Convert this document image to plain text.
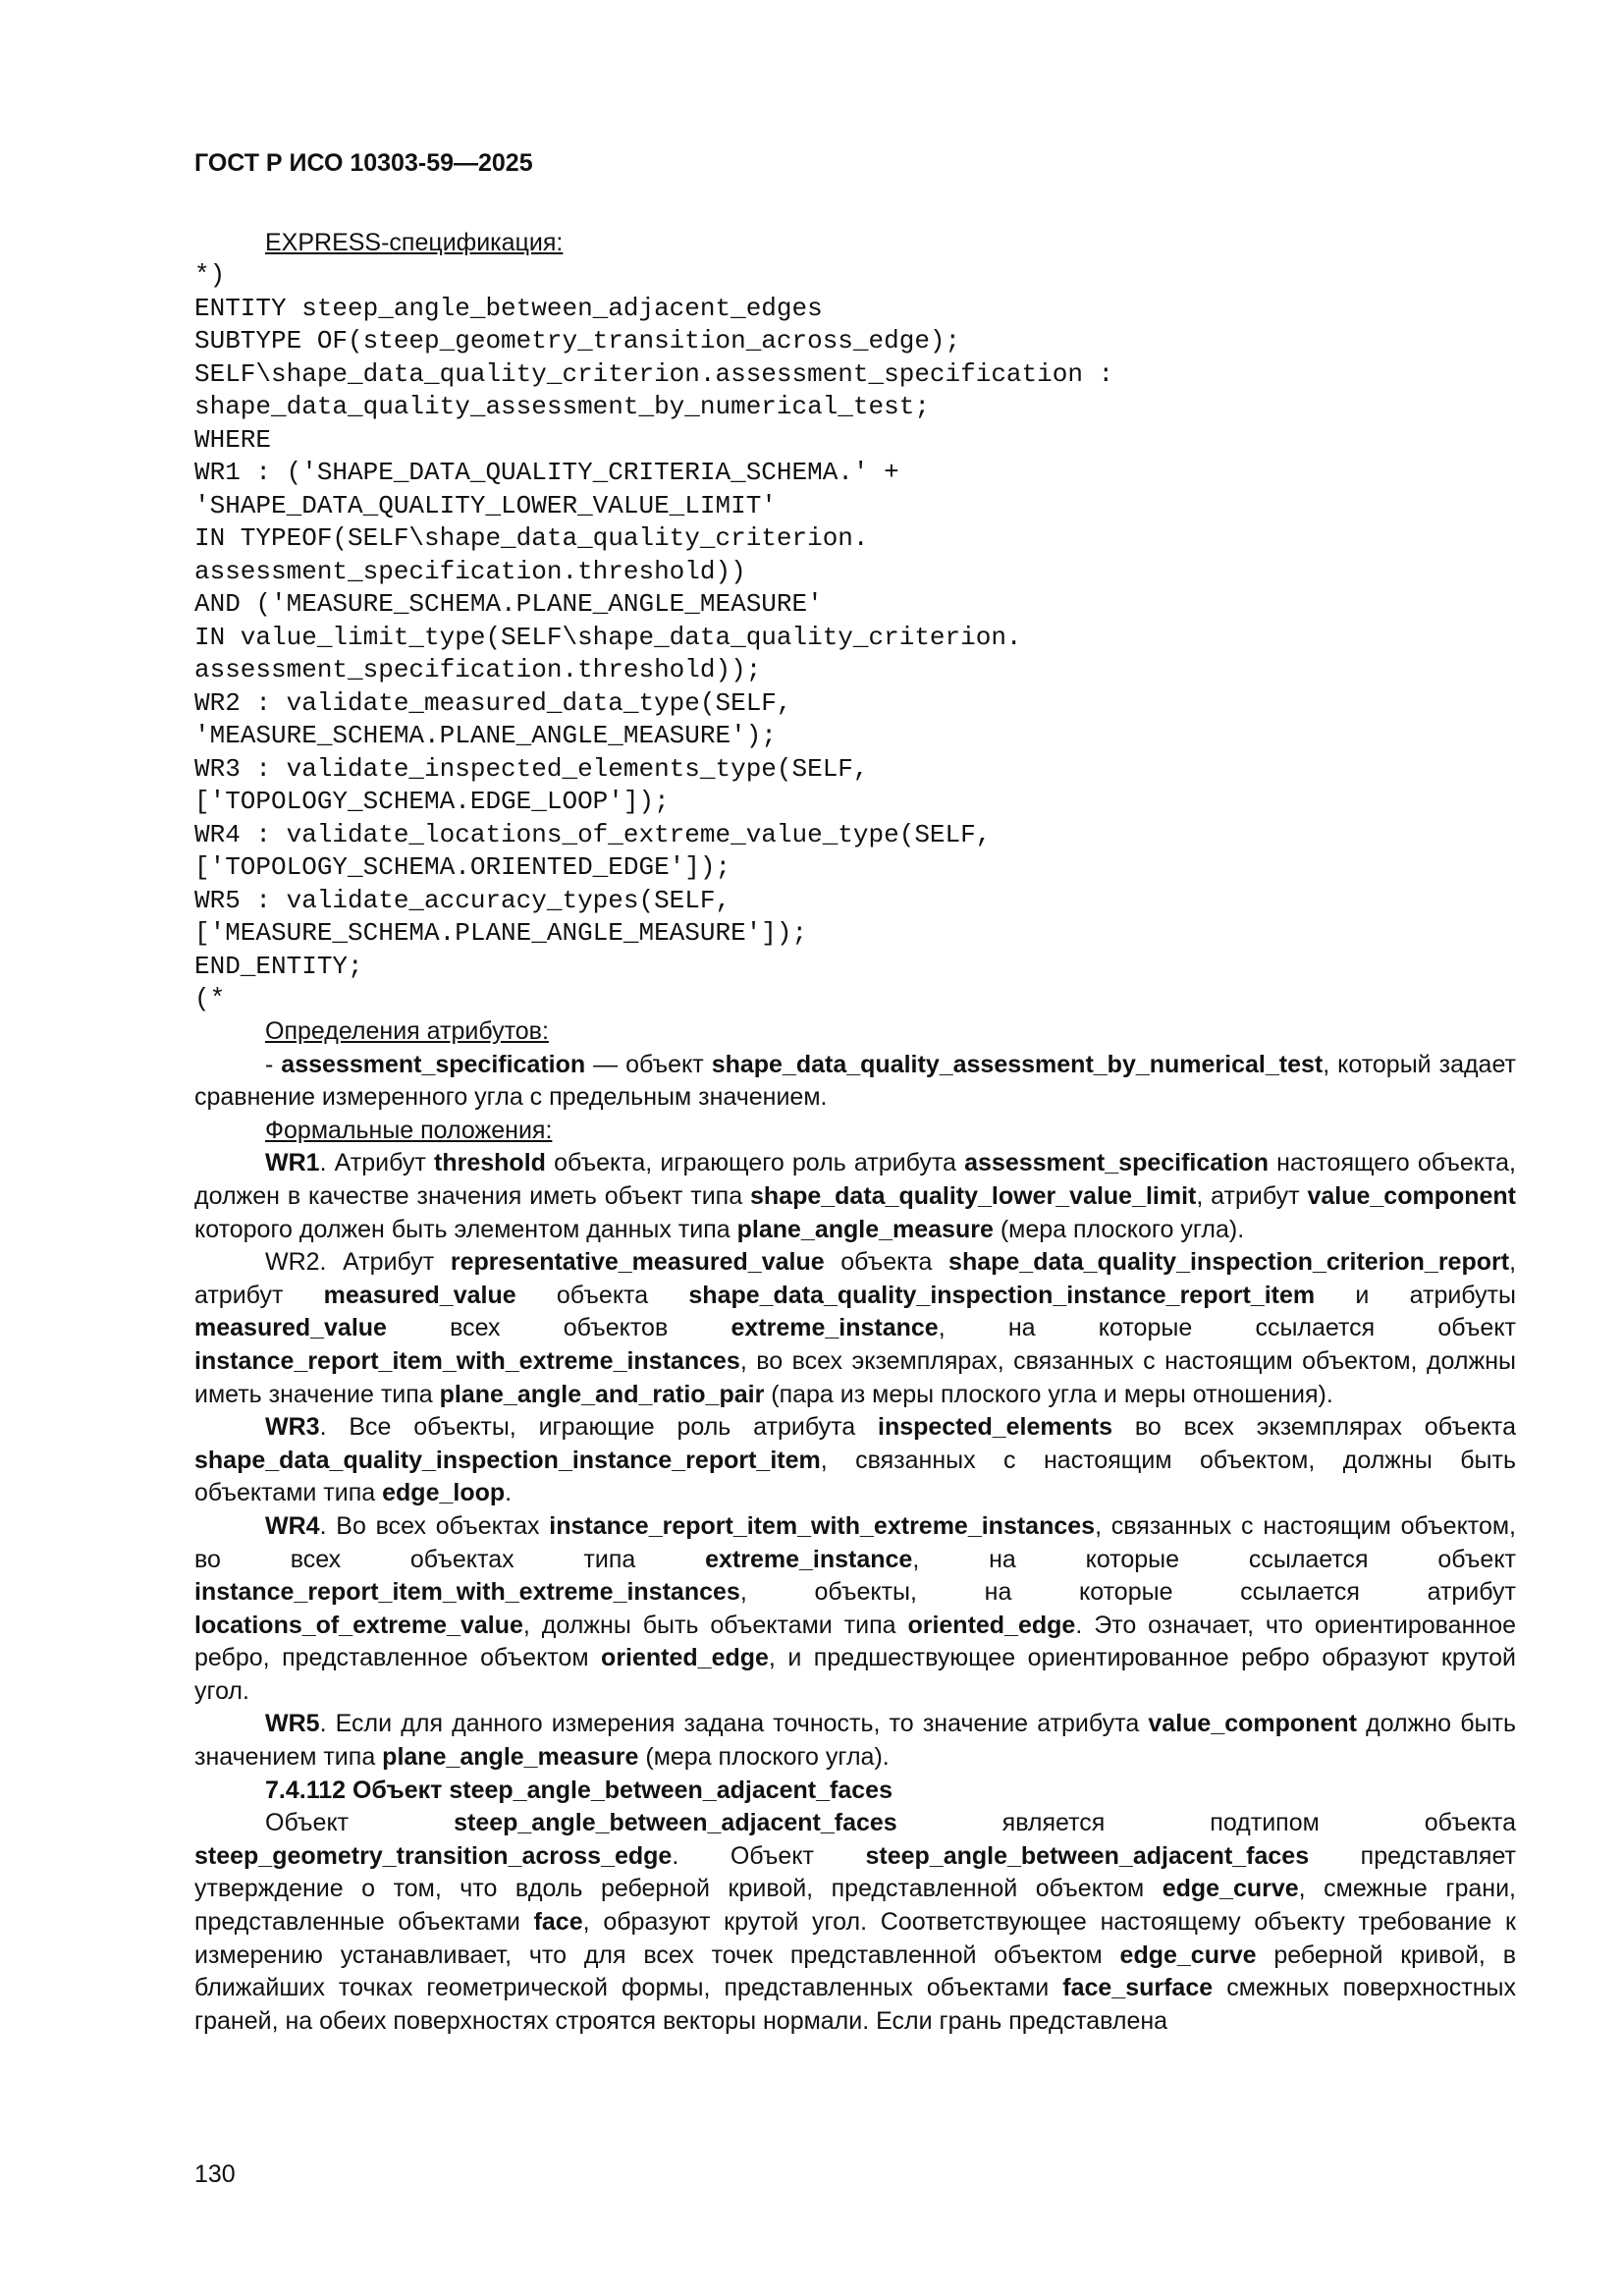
ГОСТ Р ИСО 10303-59—2025
EXPRESS-спецификация:
*)
ENTITY steep_angle_between_adjacent_edges
SUBTYPE OF(steep_geometry_transition_across_edge);
SELF\shape_data_quality_criterion.assessment_specification :
shape_data_quality_assessment_by_numerical_test;
WHERE
WR1 : ('SHAPE_DATA_QUALITY_CRITERIA_SCHEMA.' +
'SHAPE_DATA_QUALITY_LOWER_VALUE_LIMIT'
IN TYPEOF(SELF\shape_data_quality_criterion.
assessment_specification.threshold))
AND ('MEASURE_SCHEMA.PLANE_ANGLE_MEASURE'
IN value_limit_type(SELF\shape_data_quality_criterion.
assessment_specification.threshold));
WR2 : validate_measured_data_type(SELF,
'MEASURE_SCHEMA.PLANE_ANGLE_MEASURE');
WR3 : validate_inspected_elements_type(SELF,
['TOPOLOGY_SCHEMA.EDGE_LOOP']);
WR4 : validate_locations_of_extreme_value_type(SELF,
['TOPOLOGY_SCHEMA.ORIENTED_EDGE']);
WR5 : validate_accuracy_types(SELF,
['MEASURE_SCHEMA.PLANE_ANGLE_MEASURE']);
END_ENTITY;
(*

Определения атрибутов:

- assessment_specification — объект shape_data_quality_assessment_by_numerical_test, который задает сравнение измеренного угла с предельным значением.

Формальные положения:

WR1. Атрибут threshold объекта, играющего роль атрибута assessment_specification настоящего объекта, должен в качестве значения иметь объект типа shape_data_quality_lower_value_limit, атрибут value_component которого должен быть элементом данных типа plane_angle_measure (мера плоского угла).

WR2. Атрибут representative_measured_value объекта shape_data_quality_inspection_criterion_report, атрибут measured_value объекта shape_data_quality_inspection_instance_report_item и атрибуты measured_value всех объектов extreme_instance, на которые ссылается объект instance_report_item_with_extreme_instances, во всех экземплярах, связанных с настоящим объектом, должны иметь значение типа plane_angle_and_ratio_pair (пара из меры плоского угла и меры отношения).

WR3. Все объекты, играющие роль атрибута inspected_elements во всех экземплярах объекта shape_data_quality_inspection_instance_report_item, связанных с настоящим объектом, должны быть объектами типа edge_loop.

WR4. Во всех объектах instance_report_item_with_extreme_instances, связанных с настоящим объектом, во всех объектах типа extreme_instance, на которые ссылается объект instance_report_item_with_extreme_instances, объекты, на которые ссылается атрибут locations_of_extreme_value, должны быть объектами типа oriented_edge. Это означает, что ориентированное ребро, представленное объектом oriented_edge, и предшествующее ориентированное ребро образуют крутой угол.

WR5. Если для данного измерения задана точность, то значение атрибута value_component должно быть значением типа plane_angle_measure (мера плоского угла).

7.4.112 Объект steep_angle_between_adjacent_faces

Объект steep_angle_between_adjacent_faces является подтипом объекта steep_geometry_transition_across_edge. Объект steep_angle_between_adjacent_faces представляет утверждение о том, что вдоль реберной кривой, представленной объектом edge_curve, смежные грани, представленные объектами face, образуют крутой угол. Соответствующее настоящему объекту требование к измерению устанавливает, что для всех точек представленной объектом edge_curve реберной кривой, в ближайших точках геометрической формы, представленных объектами face_surface смежных поверхностных граней, на обеих поверхностях строятся векторы нормали. Если грань представлена

130
